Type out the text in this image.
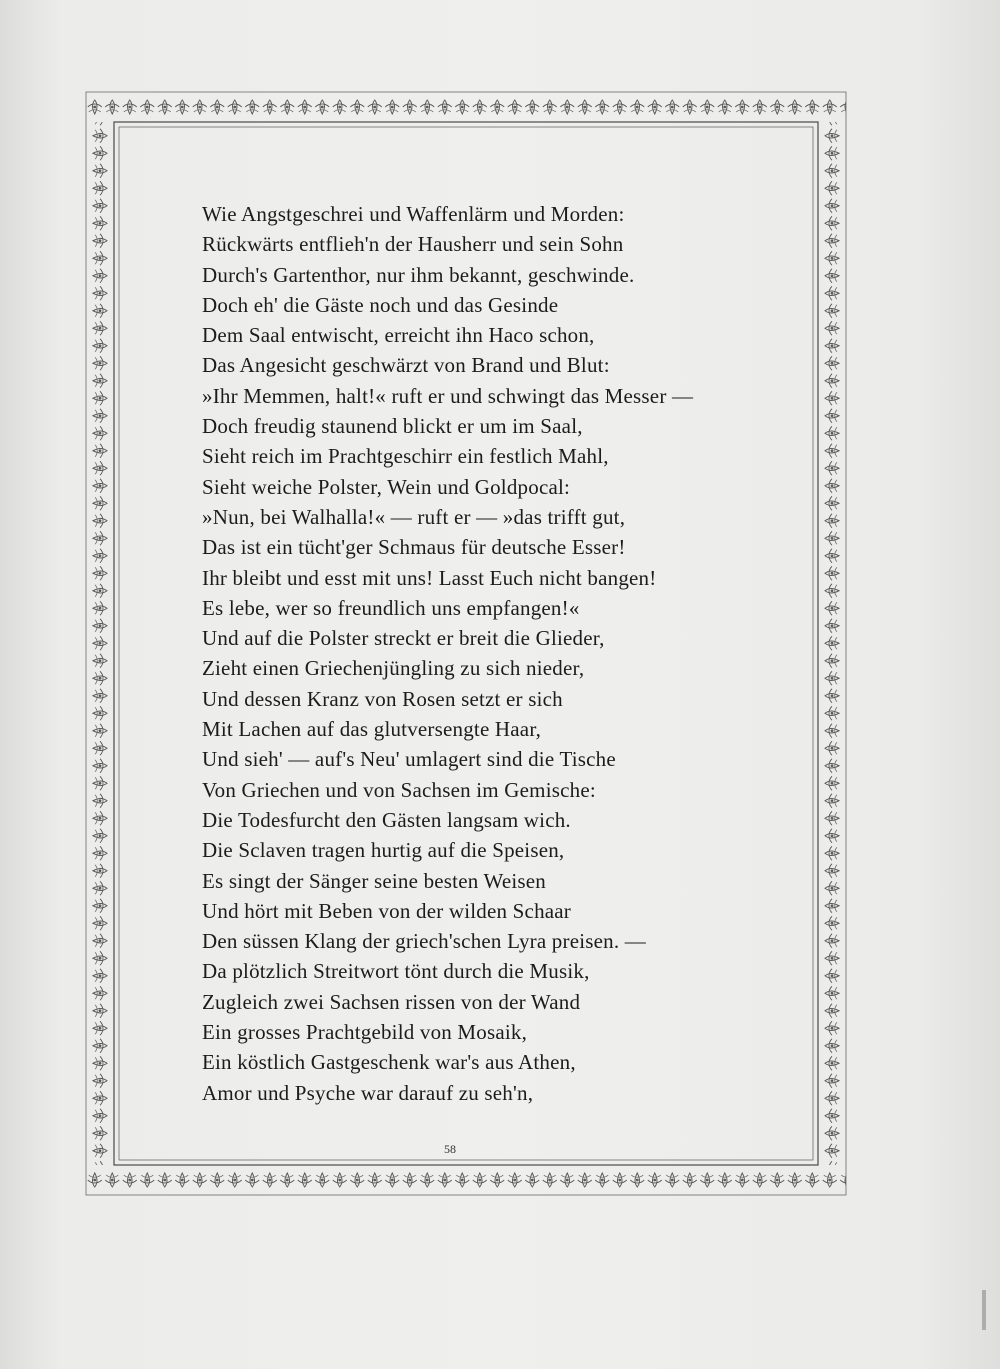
Wie Angstgeschrei und Waffenlärm und Morden:
Rückwärts entflieh'n der Hausherr und sein Sohn
Durch's Gartenthor, nur ihm bekannt, geschwinde.
Doch eh' die Gäste noch und das Gesinde
Dem Saal entwischt, erreicht ihn Haco schon,
Das Angesicht geschwärzt von Brand und Blut:
»Ihr Memmen, halt!« ruft er und schwingt das Messer —
Doch freudig staunend blickt er um im Saal,
Sieht reich im Prachtgeschirr ein festlich Mahl,
Sieht weiche Polster, Wein und Goldpocal:
»Nun, bei Walhalla!« — ruft er — »das trifft gut,
Das ist ein tücht'ger Schmaus für deutsche Esser!
Ihr bleibt und esst mit uns! Lasst Euch nicht bangen!
Es lebe, wer so freundlich uns empfangen!«
Und auf die Polster streckt er breit die Glieder,
Zieht einen Griechenjüngling zu sich nieder,
Und dessen Kranz von Rosen setzt er sich
Mit Lachen auf das glutversengte Haar,
Und sieh' — auf's Neu' umlagert sind die Tische
Von Griechen und von Sachsen im Gemische:
Die Todesfurcht den Gästen langsam wich.
Die Sclaven tragen hurtig auf die Speisen,
Es singt der Sänger seine besten Weisen
Und hört mit Beben von der wilden Schaar
Den süssen Klang der griech'schen Lyra preisen. —
Da plötzlich Streitwort tönt durch die Musik,
Zugleich zwei Sachsen rissen von der Wand
Ein grosses Prachtgebild von Mosaik,
Ein köstlich Gastgeschenk war's aus Athen,
Amor und Psyche war darauf zu seh'n,
58
